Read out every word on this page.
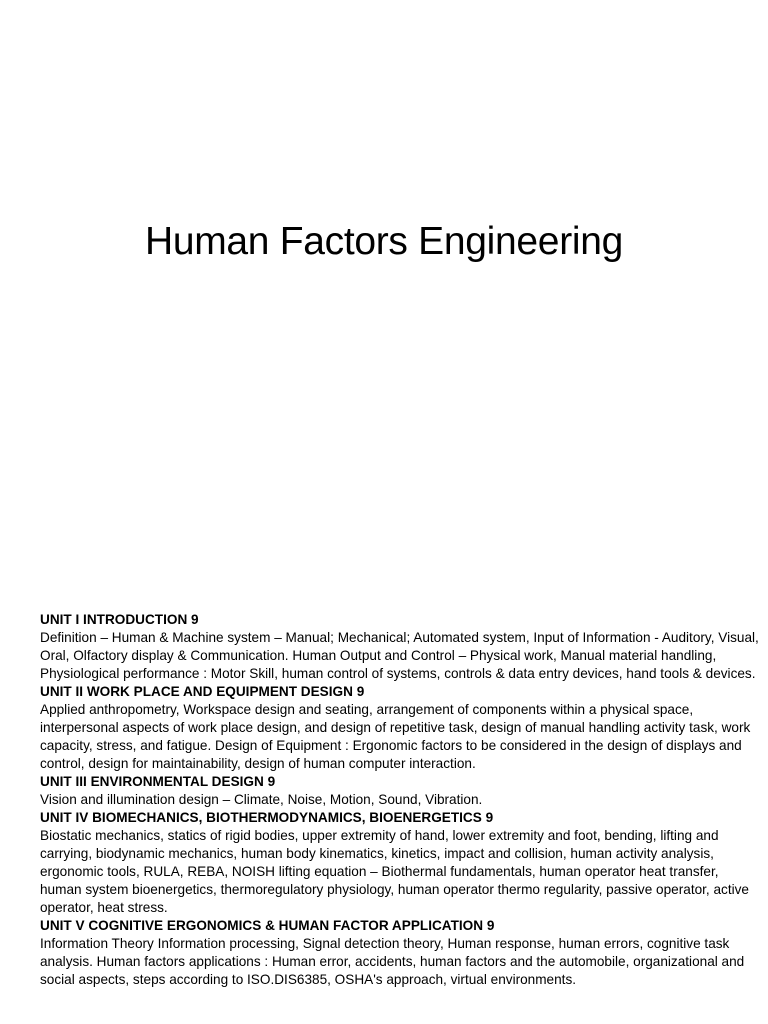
Human Factors Engineering

UNIT I INTRODUCTION 9

Definition – Human & Machine system – Manual; Mechanical; Automated system, Input of Information - Auditory, Visual, Oral, Olfactory display & Communication. Human Output and Control – Physical work, Manual material handling, Physiological performance : Motor Skill, human control of systems, controls & data entry devices, hand tools & devices.

UNIT II WORK PLACE AND EQUIPMENT DESIGN 9

Applied anthropometry, Workspace design and seating, arrangement of components within a physical space, interpersonal aspects of work place design, and design of repetitive task, design of manual handling activity task, work capacity, stress, and fatigue. Design of Equipment : Ergonomic factors to be considered in the design of displays and control, design for maintainability, design of human computer interaction.

UNIT III ENVIRONMENTAL DESIGN 9

Vision and illumination design – Climate, Noise, Motion, Sound, Vibration.

UNIT IV BIOMECHANICS, BIOTHERMODYNAMICS, BIOENERGETICS 9

Biostatic mechanics, statics of rigid bodies, upper extremity of hand, lower extremity and foot, bending, lifting and carrying, biodynamic mechanics, human body kinematics, kinetics, impact and collision, human activity analysis, ergonomic tools, RULA, REBA, NOISH lifting equation – Biothermal fundamentals, human operator heat transfer, human system bioenergetics, thermoregulatory physiology, human operator thermo regularity, passive operator, active operator, heat stress.

UNIT V COGNITIVE ERGONOMICS & HUMAN FACTOR APPLICATION 9

Information Theory Information processing, Signal detection theory, Human response, human errors, cognitive task analysis. Human factors applications : Human error, accidents, human factors and the automobile, organizational and social aspects, steps according to ISO.DIS6385, OSHA's approach, virtual environments.
